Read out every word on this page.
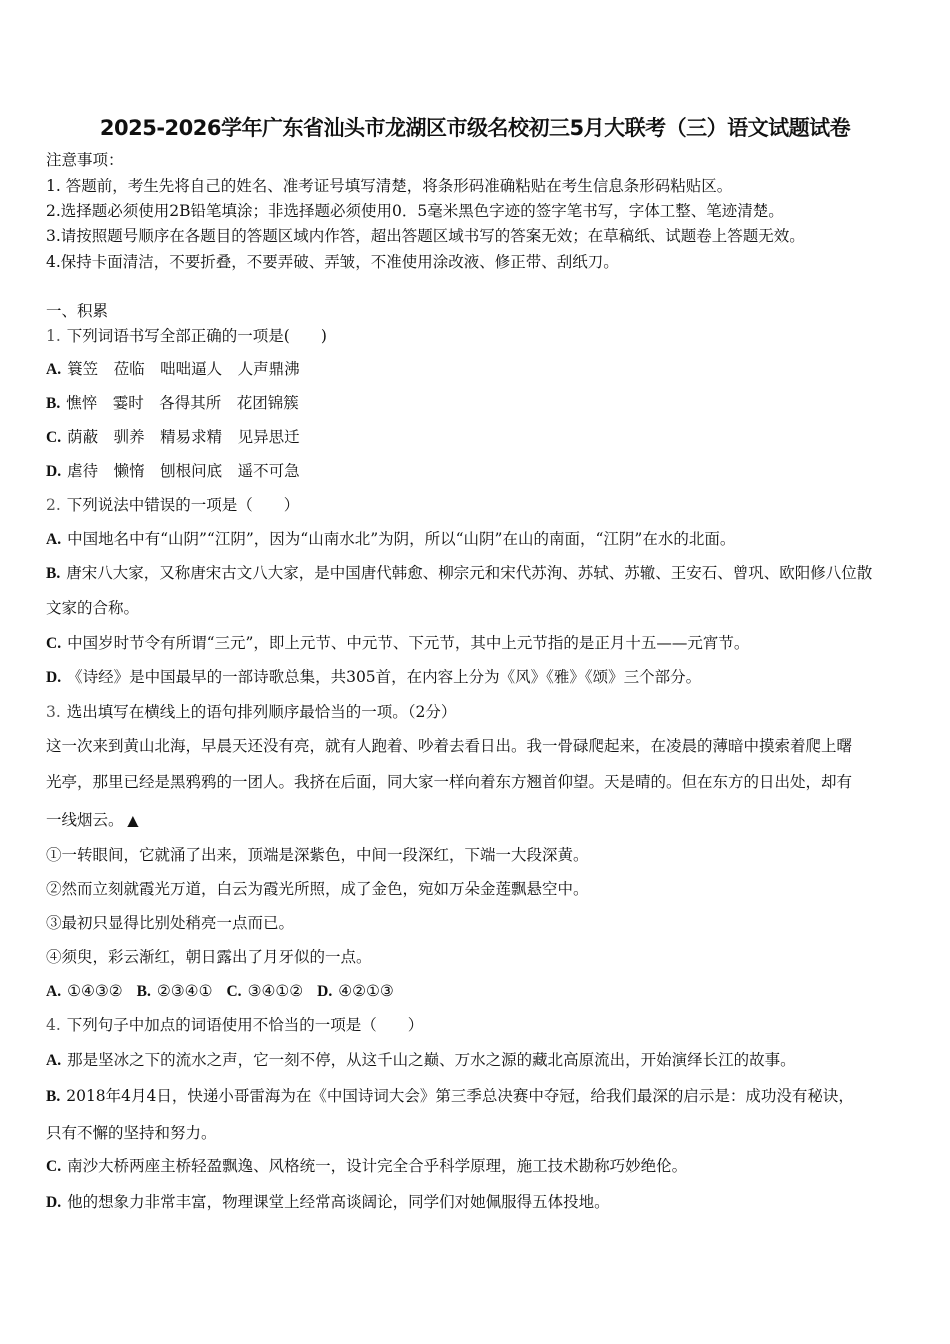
2025-2026学年广东省汕头市龙湖区市级名校初三5月大联考（三）语文试题试卷
注意事项：
1. 答题前，考生先将自己的姓名、准考证号填写清楚，将条形码准确粘贴在考生信息条形码粘贴区。
2.选择题必须使用2B铅笔填涂；非选择题必须使用0．5毫米黑色字迹的签字笔书写，字体工整、笔迹清楚。
3.请按照题号顺序在各题目的答题区域内作答，超出答题区域书写的答案无效；在草稿纸、试题卷上答题无效。
4.保持卡面清洁，不要折叠，不要弄破、弄皱，不准使用涂改液、修正带、刮纸刀。
一、积累
1. 下列词语书写全部正确的一项是(　　)
A. 簑笠　莅临　咄咄逼人　人声鼎沸
B. 憔悴　霎时　各得其所　花团锦簇
C. 荫蔽　驯养　精易求精　见异思迁
D. 虐待　懒惰　刨根问底　遥不可急
2. 下列说法中错误的一项是（　　）
A. 中国地名中有“山阴”“江阴”，因为“山南水北”为阴，所以“山阴”在山的南面，“江阴”在水的北面。
B. 唐宋八大家，又称唐宋古文八大家，是中国唐代韩愈、柳宗元和宋代苏洵、苏轼、苏辙、王安石、曾巩、欧阳修八位散
文家的合称。
C. 中国岁时节令有所谓“三元”，即上元节、中元节、下元节，其中上元节指的是正月十五——元宵节。
D. 《诗经》是中国最早的一部诗歌总集，共305首，在内容上分为《风》《雅》《颂》三个部分。
3. 选出填写在横线上的语句排列顺序最恰当的一项。（2分）
这一次来到黄山北海，早晨天还没有亮，就有人跑着、吵着去看日出。我一骨碌爬起来，在凌晨的薄暗中摸索着爬上曙
光亭，那里已经是黑鸦鸦的一团人。我挤在后面，同大家一样向着东方翘首仰望。天是晴的。但在东方的日出处，却有
一线烟云。 ▲
①一转眼间，它就涌了出来，顶端是深紫色，中间一段深红，下端一大段深黄。
②然而立刻就霞光万道，白云为霞光所照，成了金色，宛如万朵金莲飘悬空中。
③最初只显得比别处稍亮一点而已。
④须臾，彩云渐红，朝日露出了月牙似的一点。
A. ①④③② B. ②③④① C. ③④①② D. ④②①③
4. 下列句子中加点的词语使用不恰当的一项是（　　）
A. 那是坚冰之下的流水之声，它一刻不停，从这千山之巅、万水之源的藏北高原流出，开始演绎长江的故事。
B. 2018年4月4日，快递小哥雷海为在《中国诗词大会》第三季总决赛中夺冠，给我们最深的启示是：成功没有秘诀，
只有不懈的坚持和努力。
C. 南沙大桥两座主桥轻盈飘逸、风格统一，设计完全合乎科学原理，施工技术勘称巧妙绝伦。
D. 他的想象力非常丰富，物理课堂上经常高谈阔论，同学们对她佩服得五体投地。
